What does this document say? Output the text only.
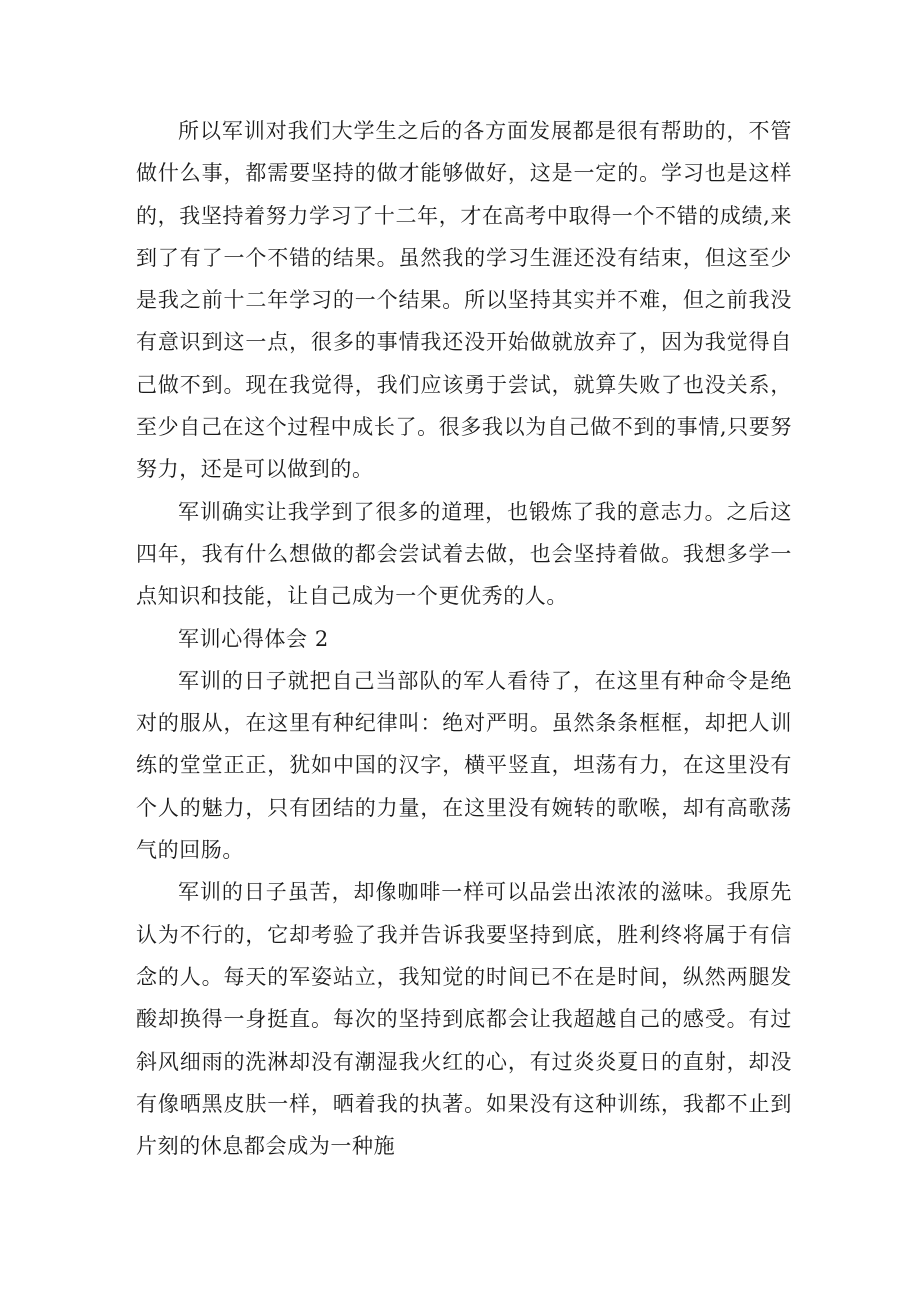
所以军训对我们大学生之后的各方面发展都是很有帮助的，不管做什么事，都需要坚持的做才能够做好，这是一定的。学习也是这样的，我坚持着努力学习了十二年，才在高考中取得一个不错的成绩,来到了有了一个不错的结果。虽然我的学习生涯还没有结束，但这至少是我之前十二年学习的一个结果。所以坚持其实并不难，但之前我没有意识到这一点，很多的事情我还没开始做就放弃了，因为我觉得自己做不到。现在我觉得，我们应该勇于尝试，就算失败了也没关系，至少自己在这个过程中成长了。很多我以为自己做不到的事情,只要努努力，还是可以做到的。

军训确实让我学到了很多的道理，也锻炼了我的意志力。之后这四年，我有什么想做的都会尝试着去做，也会坚持着做。我想多学一点知识和技能，让自己成为一个更优秀的人。

军训心得体会 2

军训的日子就把自己当部队的军人看待了，在这里有种命令是绝对的服从，在这里有种纪律叫：绝对严明。虽然条条框框，却把人训练的堂堂正正，犹如中国的汉字，横平竖直，坦荡有力，在这里没有个人的魅力，只有团结的力量，在这里没有婉转的歌喉，却有高歌荡气的回肠。

军训的日子虽苦，却像咖啡一样可以品尝出浓浓的滋味。我原先认为不行的，它却考验了我并告诉我要坚持到底，胜利终将属于有信念的人。每天的军姿站立，我知觉的时间已不在是时间，纵然两腿发酸却换得一身挺直。每次的坚持到底都会让我超越自己的感受。有过斜风细雨的洗淋却没有潮湿我火红的心，有过炎炎夏日的直射，却没有像晒黑皮肤一样，晒着我的执著。如果没有这种训练，我都不止到片刻的休息都会成为一种施
